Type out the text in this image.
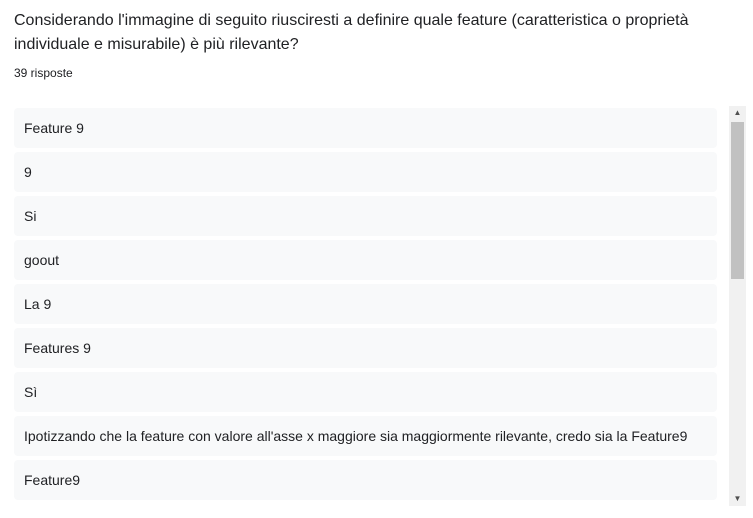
Considerando l'immagine di seguito riusciresti a definire quale feature (caratteristica o proprietà individuale e misurabile) è più rilevante?
39 risposte
Feature 9
9
Si
goout
La 9
Features 9
Sì
Ipotizzando che la feature con valore all'asse x maggiore sia maggiormente rilevante, credo sia la Feature9
Feature9
▲
▼
